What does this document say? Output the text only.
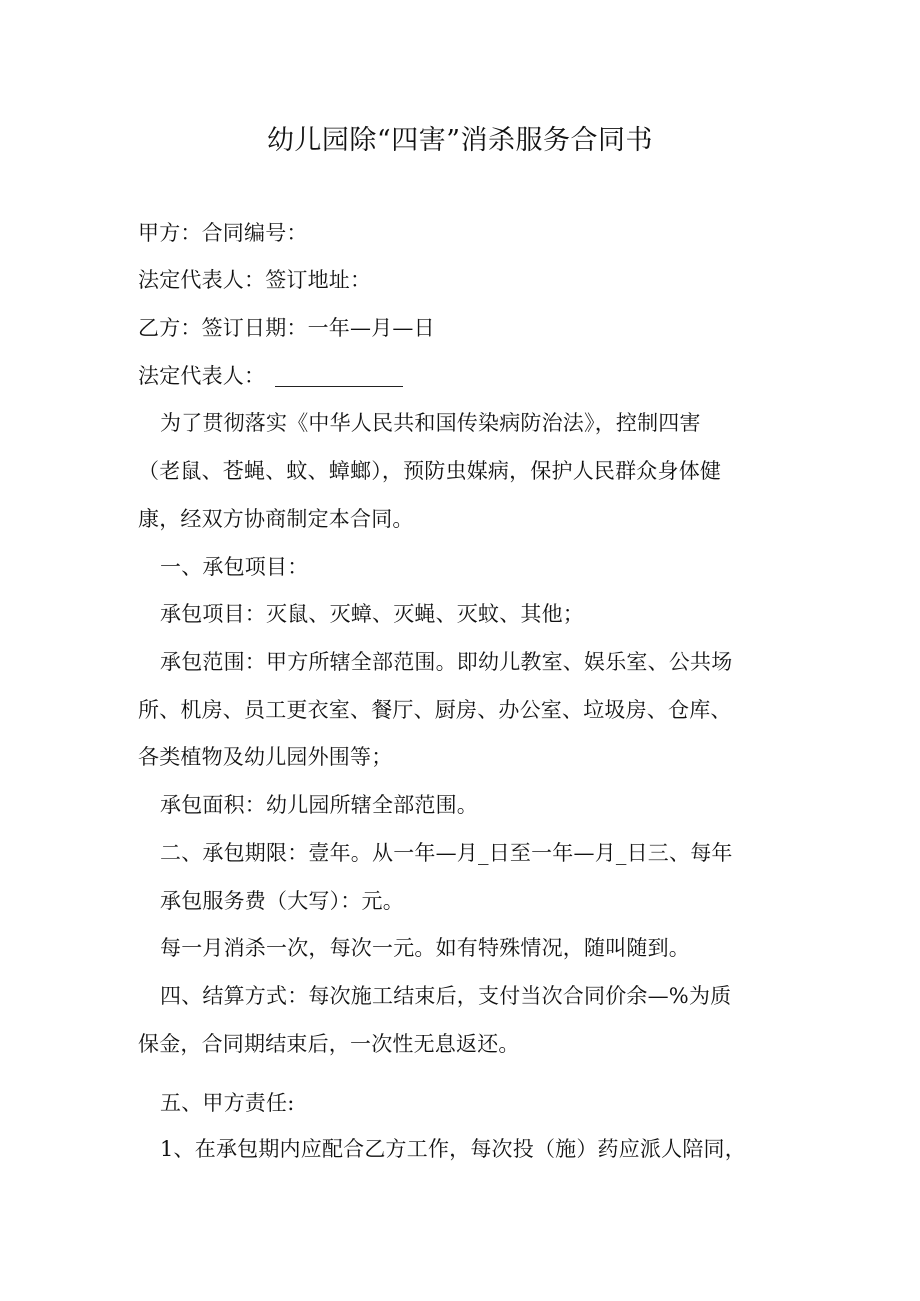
幼儿园除“四害”消杀服务合同书
甲方：合同编号：
法定代表人：签订地址：
乙方：签订日期：一年—月—日
法定代表人：
为了贯彻落实《中华人民共和国传染病防治法》，控制四害
（老鼠、苍蝇、蚊、蟑螂），预防虫媒病，保护人民群众身体健
康，经双方协商制定本合同。
一、承包项目：
承包项目：灭鼠、灭蟑、灭蝇、灭蚊、其他；
承包范围：甲方所辖全部范围。即幼儿教室、娱乐室、公共场
所、机房、员工更衣室、餐厅、厨房、办公室、垃圾房、仓库、
各类植物及幼儿园外围等；
承包面积：幼儿园所辖全部范围。
二、承包期限：壹年。从一年—月_日至一年—月_日三、每年
承包服务费（大写）：元。
每一月消杀一次，每次一元。如有特殊情况，随叫随到。
四、结算方式：每次施工结束后，支付当次合同价余—%为质
保金，合同期结束后，一次性无息返还。
五、甲方责任:
1、在承包期内应配合乙方工作，每次投（施）药应派人陪同，
